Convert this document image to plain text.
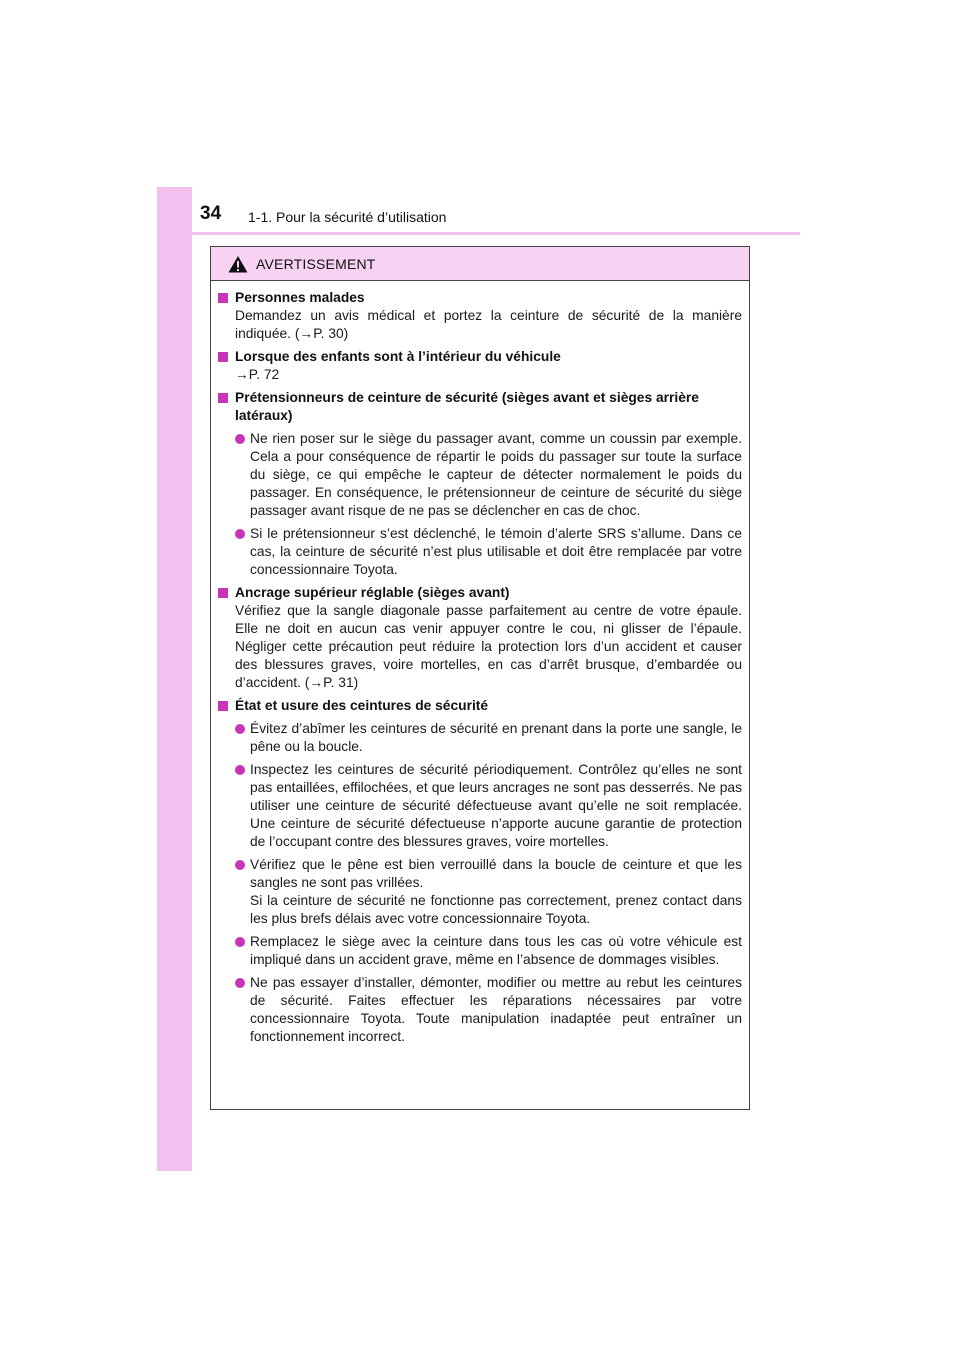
34 1-1. Pour la sécurité d’utilisation
AVERTISSEMENT
Personnes malades
Demandez un avis médical et portez la ceinture de sécurité de la manière indiquée. (→P. 30)
Lorsque des enfants sont à l’intérieur du véhicule
→P. 72
Prétensionneurs de ceinture de sécurité (sièges avant et sièges arrière latéraux)
Ne rien poser sur le siège du passager avant, comme un coussin par exemple. Cela a pour conséquence de répartir le poids du passager sur toute la surface du siège, ce qui empêche le capteur de détecter normalement le poids du passager. En conséquence, le prétensionneur de ceinture de sécurité du siège passager avant risque de ne pas se déclencher en cas de choc.
Si le prétensionneur s’est déclenché, le témoin d’alerte SRS s’allume. Dans ce cas, la ceinture de sécurité n’est plus utilisable et doit être remplacée par votre concessionnaire Toyota.
Ancrage supérieur réglable (sièges avant)
Vérifiez que la sangle diagonale passe parfaitement au centre de votre épaule. Elle ne doit en aucun cas venir appuyer contre le cou, ni glisser de l’épaule. Négliger cette précaution peut réduire la protection lors d’un accident et causer des blessures graves, voire mortelles, en cas d’arrêt brusque, d’embardée ou d’accident. (→P. 31)
État et usure des ceintures de sécurité
Évitez d’abîmer les ceintures de sécurité en prenant dans la porte une sangle, le pêne ou la boucle.
Inspectez les ceintures de sécurité périodiquement. Contrôlez qu’elles ne sont pas entaillées, effilochées, et que leurs ancrages ne sont pas desserrés. Ne pas utiliser une ceinture de sécurité défectueuse avant qu’elle ne soit remplacée. Une ceinture de sécurité défectueuse n’apporte aucune garantie de protection de l’occupant contre des blessures graves, voire mortelles.
Vérifiez que le pêne est bien verrouillé dans la boucle de ceinture et que les sangles ne sont pas vrillées.
Si la ceinture de sécurité ne fonctionne pas correctement, prenez contact dans les plus brefs délais avec votre concessionnaire Toyota.
Remplacez le siège avec la ceinture dans tous les cas où votre véhicule est impliqué dans un accident grave, même en l’absence de dommages visibles.
Ne pas essayer d’installer, démonter, modifier ou mettre au rebut les ceintures de sécurité. Faites effectuer les réparations nécessaires par votre concessionnaire Toyota. Toute manipulation inadaptée peut entraîner un fonctionnement incorrect.
